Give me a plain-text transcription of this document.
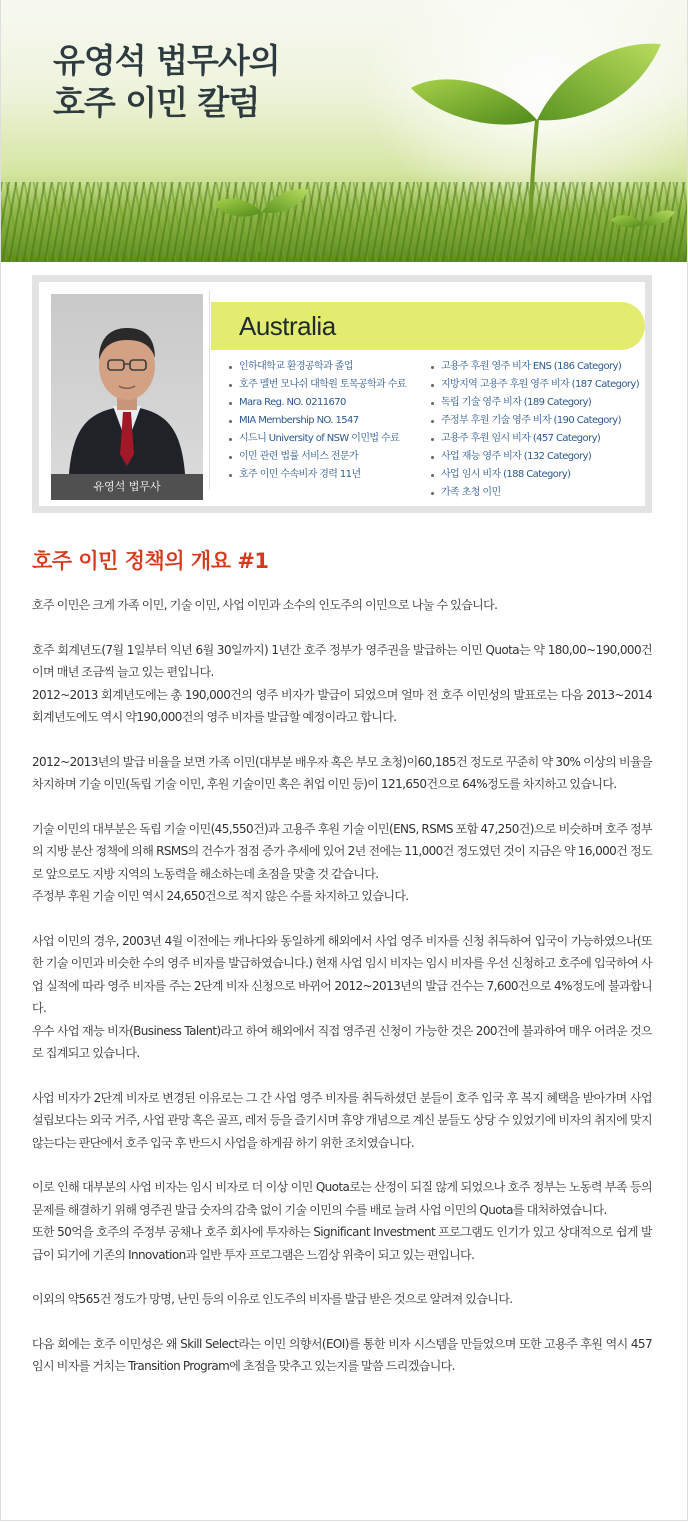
유영석 법무사의
호주 이민 칼럼
유영석 법무사
Australia
인하대학교 환경공학과 졸업
호주 멜번 모나쉬 대학원 토목공학과 수료
Mara Reg. NO. 0211670
MIA Membership NO. 1547
시드니 University of NSW 이민법 수료
이민 관련 법률 서비스 전문가
호주 이민 수속비자 경력 11년
고용주 후원 영주 비자 ENS (186 Category)
지방지역 고용주 후원 영주 비자 (187 Category)
독립 기술 영주 비자 (189 Category)
주정부 후원 기술 영주 비자 (190 Category)
고용주 후원 임시 비자 (457 Category)
사업 재능 영주 비자 (132 Category)
사업 임시 비자 (188 Category)
가족 초청 이민
호주 이민 정책의 개요 #1

호주 이민은 크게 가족 이민, 기술 이민, 사업 이민과 소수의 인도주의 이민으로 나눌 수 있습니다.

호주 회계년도(7월 1일부터 익년 6월 30일까지) 1년간 호주 정부가 영주권을 발급하는 이민 Quota는 약 180,00~190,000건이며 매년 조금씩 늘고 있는 편입니다.
2012~2013 회계년도에는 총 190,000건의 영주 비자가 발급이 되었으며 얼마 전 호주 이민성의 발표로는 다음 2013~2014 회계년도에도 역시 약190,000건의 영주 비자를 발급할 예정이라고 합니다.

2012~2013년의 발급 비율을 보면 가족 이민(대부분 배우자 혹은 부모 초청)이60,185건 정도로 꾸준히 약 30% 이상의 비율을 차지하며 기술 이민(독립 기술 이민, 후원 기술이민 혹은 취업 이민 등)이 121,650건으로 64%정도를 차지하고 있습니다.

기술 이민의 대부분은 독립 기술 이민(45,550건)과 고용주 후원 기술 이민(ENS, RSMS 포함 47,250건)으로 비슷하며 호주 정부의 지방 분산 정책에 의해 RSMS의 건수가 점점 증가 추세에 있어 2년 전에는 11,000건 정도였던 것이 지금은 약 16,000건 정도로 앞으로도 지방 지역의 노동력을 해소하는데 초점을 맞출 것 같습니다.
주정부 후원 기술 이민 역시 24,650건으로 적지 않은 수를 차지하고 있습니다.

사업 이민의 경우, 2003년 4월 이전에는 캐나다와 동일하게 해외에서 사업 영주 비자를 신청 취득하여 입국이 가능하였으나(또한 기술 이민과 비슷한 수의 영주 비자를 발급하였습니다.) 현재 사업 임시 비자는 임시 비자를 우선 신청하고 호주에 입국하여 사업 실적에 따라 영주 비자를 주는 2단계 비자 신청으로 바뀌어 2012~2013년의 발급 건수는 7,600건으로 4%정도에 불과합니다.
우수 사업 재능 비자(Business Talent)라고 하여 해외에서 직접 영주권 신청이 가능한 것은 200건에 불과하여 매우 어려운 것으로 집계되고 있습니다.

사업 비자가 2단계 비자로 변경된 이유로는 그 간 사업 영주 비자를 취득하셨던 분들이 호주 입국 후 복지 혜택을 받아가며 사업 설립보다는 외국 거주, 사업 관망 혹은 골프, 레저 등을 즐기시며 휴양 개념으로 계신 분들도 상당 수 있었기에 비자의 취지에 맞지 않는다는 판단에서 호주 입국 후 반드시 사업을 하게끔 하기 위한 조치였습니다.

이로 인해 대부분의 사업 비자는 임시 비자로 더 이상 이민 Quota로는 산정이 되질 않게 되었으나 호주 정부는 노동력 부족 등의 문제를 해결하기 위해 영주권 발급 숫자의 감축 없이 기술 이민의 수를 배로 늘려 사업 이민의 Quota를 대처하였습니다.
또한 50억을 호주의 주정부 공채나 호주 회사에 투자하는 Significant Investment 프로그램도 인기가 있고 상대적으로 쉽게 발급이 되기에 기존의 Innovation과 일반 투자 프로그램은 느낌상 위축이 되고 있는 편입니다.

이외의 약565건 정도가 망명, 난민 등의 이유로 인도주의 비자를 발급 받은 것으로 알려져 있습니다.

다음 회에는 호주 이민성은 왜 Skill Select라는 이민 의향서(EOI)를 통한 비자 시스템을 만들었으며 또한 고용주 후원 역시 457 임시 비자를 거치는 Transition Program에 초점을 맞추고 있는지를 말씀 드리겠습니다.
